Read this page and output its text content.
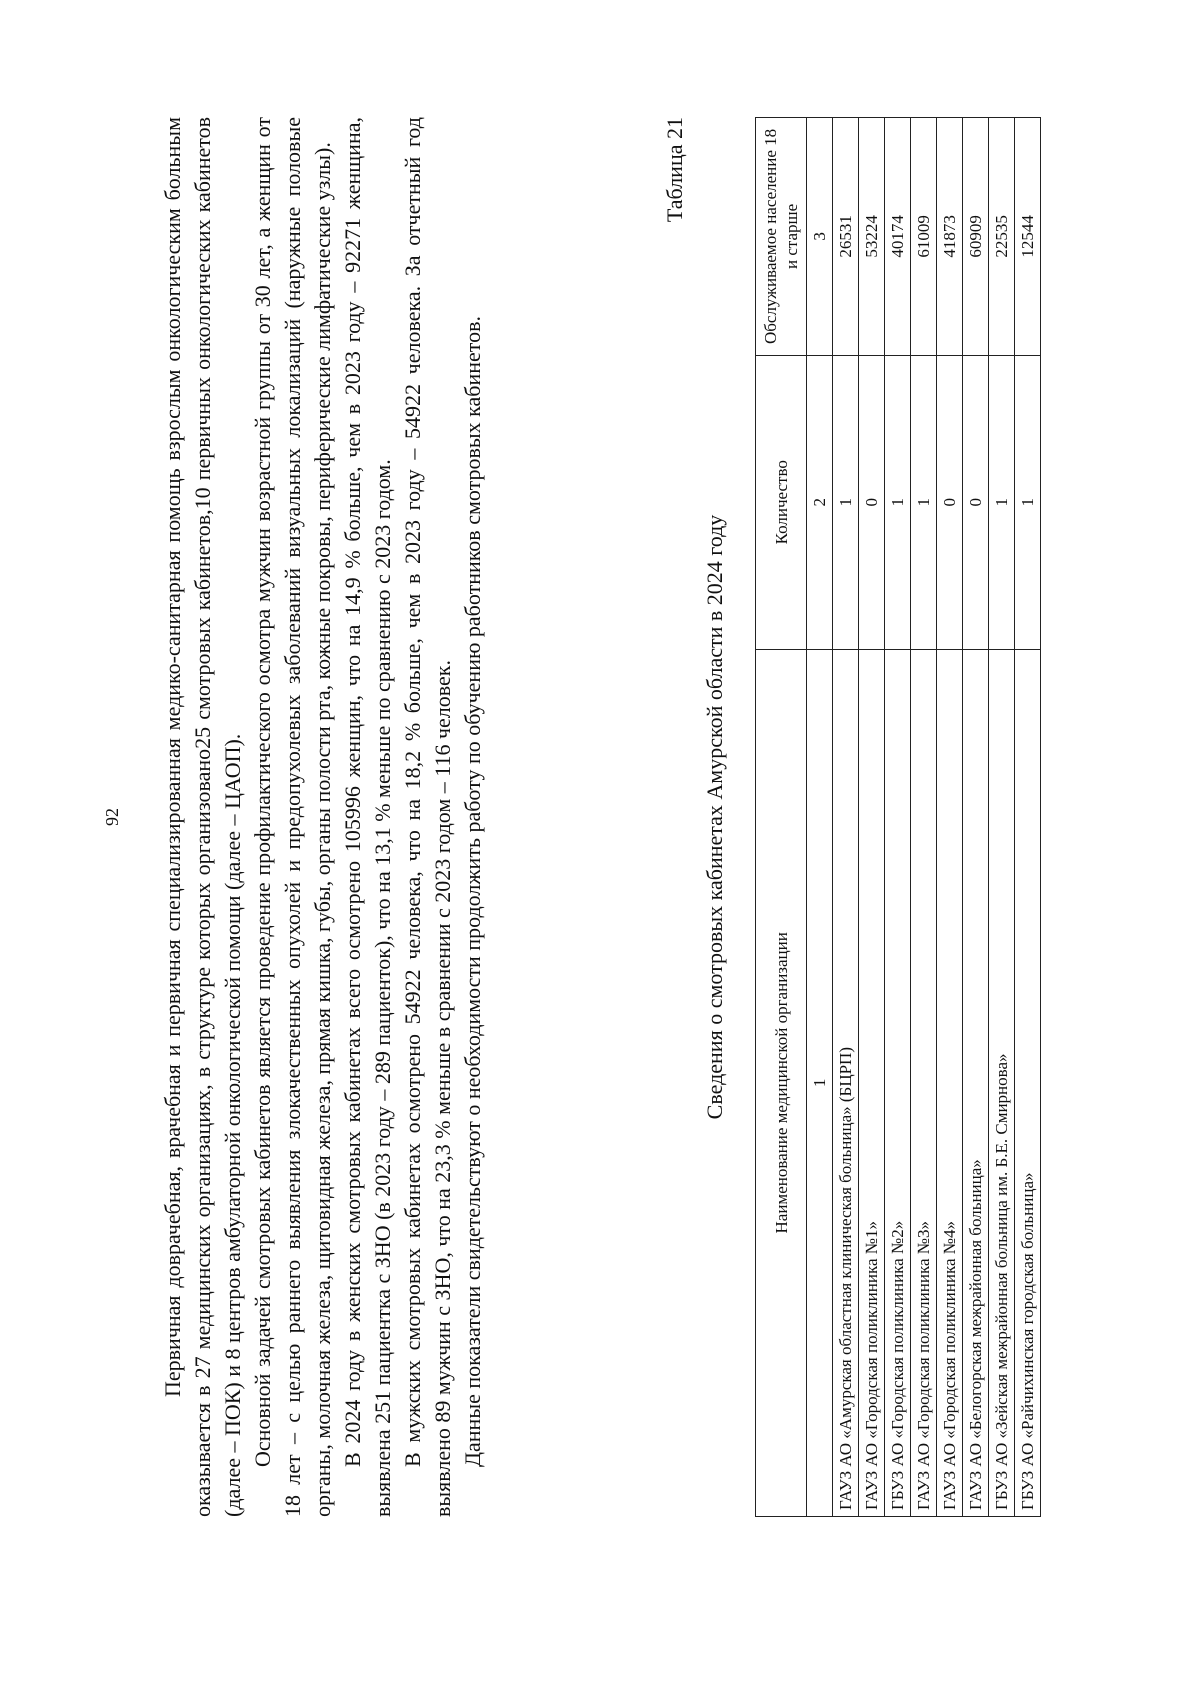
92 Первичная доврачебная, врачебная и первичная специализированная медико-санитарная помощь взрослым онкологическим больным оказывается в 27 медицинских организациях, в структуре которых организовано25 смотровых кабинетов,10 первичных онкологических кабинетов (далее – ПОК) и 8 центров амбулаторной онкологической помощи (далее – ЦАОП). Основной задачей смотровых кабинетов является проведение профилактического осмотра мужчин возрастной группы от 30 лет, а женщин от 18 лет – с целью раннего выявления злокачественных опухолей и предопухолевых заболеваний визуальных локализаций (наружные половые органы, молочная железа, щитовидная железа, прямая кишка, губы, органы полости рта, кожные покровы, периферические лимфатические узлы). В 2024 году в женских смотровых кабинетах всего осмотрено 105996 женщин, что на 14,9 % больше, чем в 2023 году – 92271 женщина, выявлена 251 пациентка с ЗНО (в 2023 году – 289 пациенток), что на 13,1 % меньше по сравнению с 2023 годом. В мужских смотровых кабинетах осмотрено 54922 человека, что на 18,2 % больше, чем в 2023 году – 54922 человека. За отчетный год выявлено 89 мужчин с ЗНО, что на 23,3 % меньше в сравнении с 2023 годом – 116 человек. Данные показатели свидетельствуют о необходимости продолжить работу по обучению работников смотровых кабинетов.

Таблица 21
Сведения о смотровых кабинетах Амурской области в 2024 году	Наименование медицинской организации	Количество	Обслуживаемое население 18 и старше
1	2	3
ГАУЗ АО «Амурская областная клиническая больница» (БЦРП)	1	26531
ГАУЗ АО «Городская поликлиника №1»	0	53224
ГБУЗ АО «Городская поликлиника №2»	1	40174
ГАУЗ АО «Городская поликлиника №3»	1	61009
ГАУЗ АО «Городская поликлиника №4»	0	41873
ГАУЗ АО «Белогорская межрайонная больница»	0	60909
ГБУЗ АО «Зейская межрайонная больница им. Б.Е. Смирнова»	1	22535
ГБУЗ АО «Райчихинская городская больница»	1	12544
